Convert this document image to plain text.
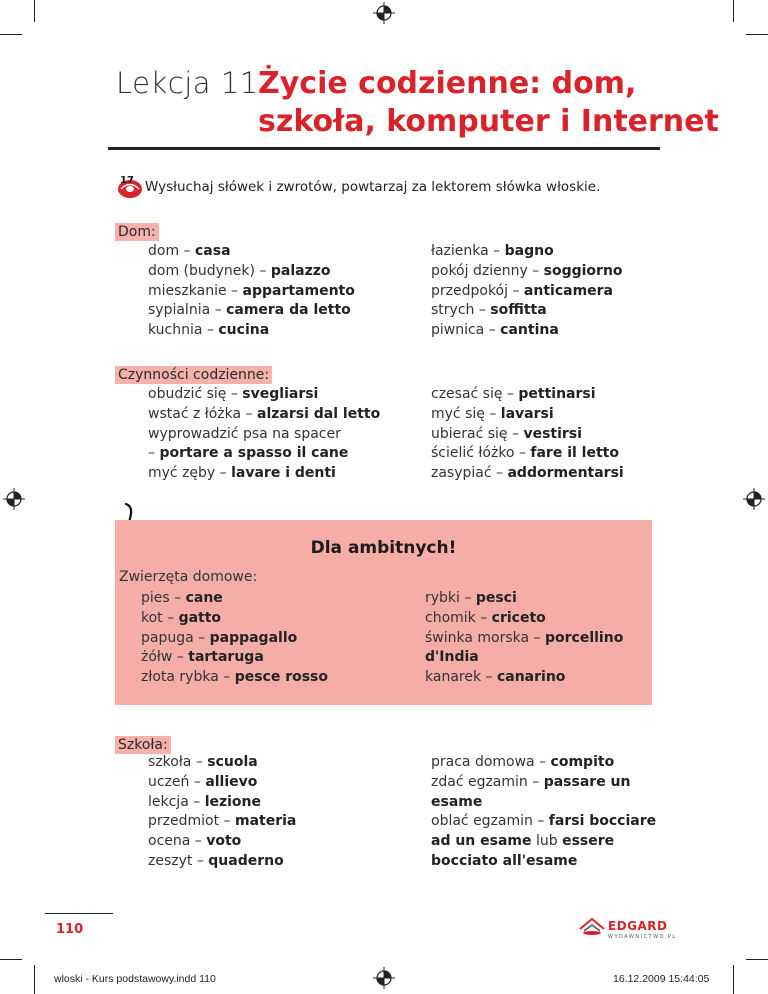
Lekcja 11 Życie codzienne: dom,
szkoła, komputer i Internet
17 Wysłuchaj słówek i zwrotów, powtarzaj za lektorem słówka włoskie.
Dom:
dom – casa
dom (budynek) – palazzo
mieszkanie – appartamento
sypialnia – camera da letto
kuchnia – cucina
łazienka – bagno
pokój dzienny – soggiorno
przedpokój – anticamera
strych – soffitta
piwnica – cantina
Czynności codzienne:
obudzić się – svegliarsi
wstać z łóżka – alzarsi dal letto
wyprowadzić psa na spacer
– portare a spasso il cane
myć zęby – lavare i denti
czesać się – pettinarsi
myć się – lavarsi
ubierać się – vestirsi
ścielić łóżko – fare il letto
zasypiać – addormentarsi
Dla ambitnych!
Zwierzęta domowe:
pies – cane
kot – gatto
papuga – pappagallo
żółw – tartaruga
złota rybka – pesce rosso
rybki – pesci
chomik – criceto
świnka morska – porcellino
d'India
kanarek – canarino
Szkoła:
szkoła – scuola
uczeń – allievo
lekcja – lezione
przedmiot – materia
ocena – voto
zeszyt – quaderno
praca domowa – compito
zdać egzamin – passare un
esame
oblać egzamin – farsi bocciare
ad un esame lub essere
bocciato all'esame
110	EDGARD
WYDAWNICTWO.PL
wloski - Kurs podstawowy.indd 110	16.12.2009 15:44:05
